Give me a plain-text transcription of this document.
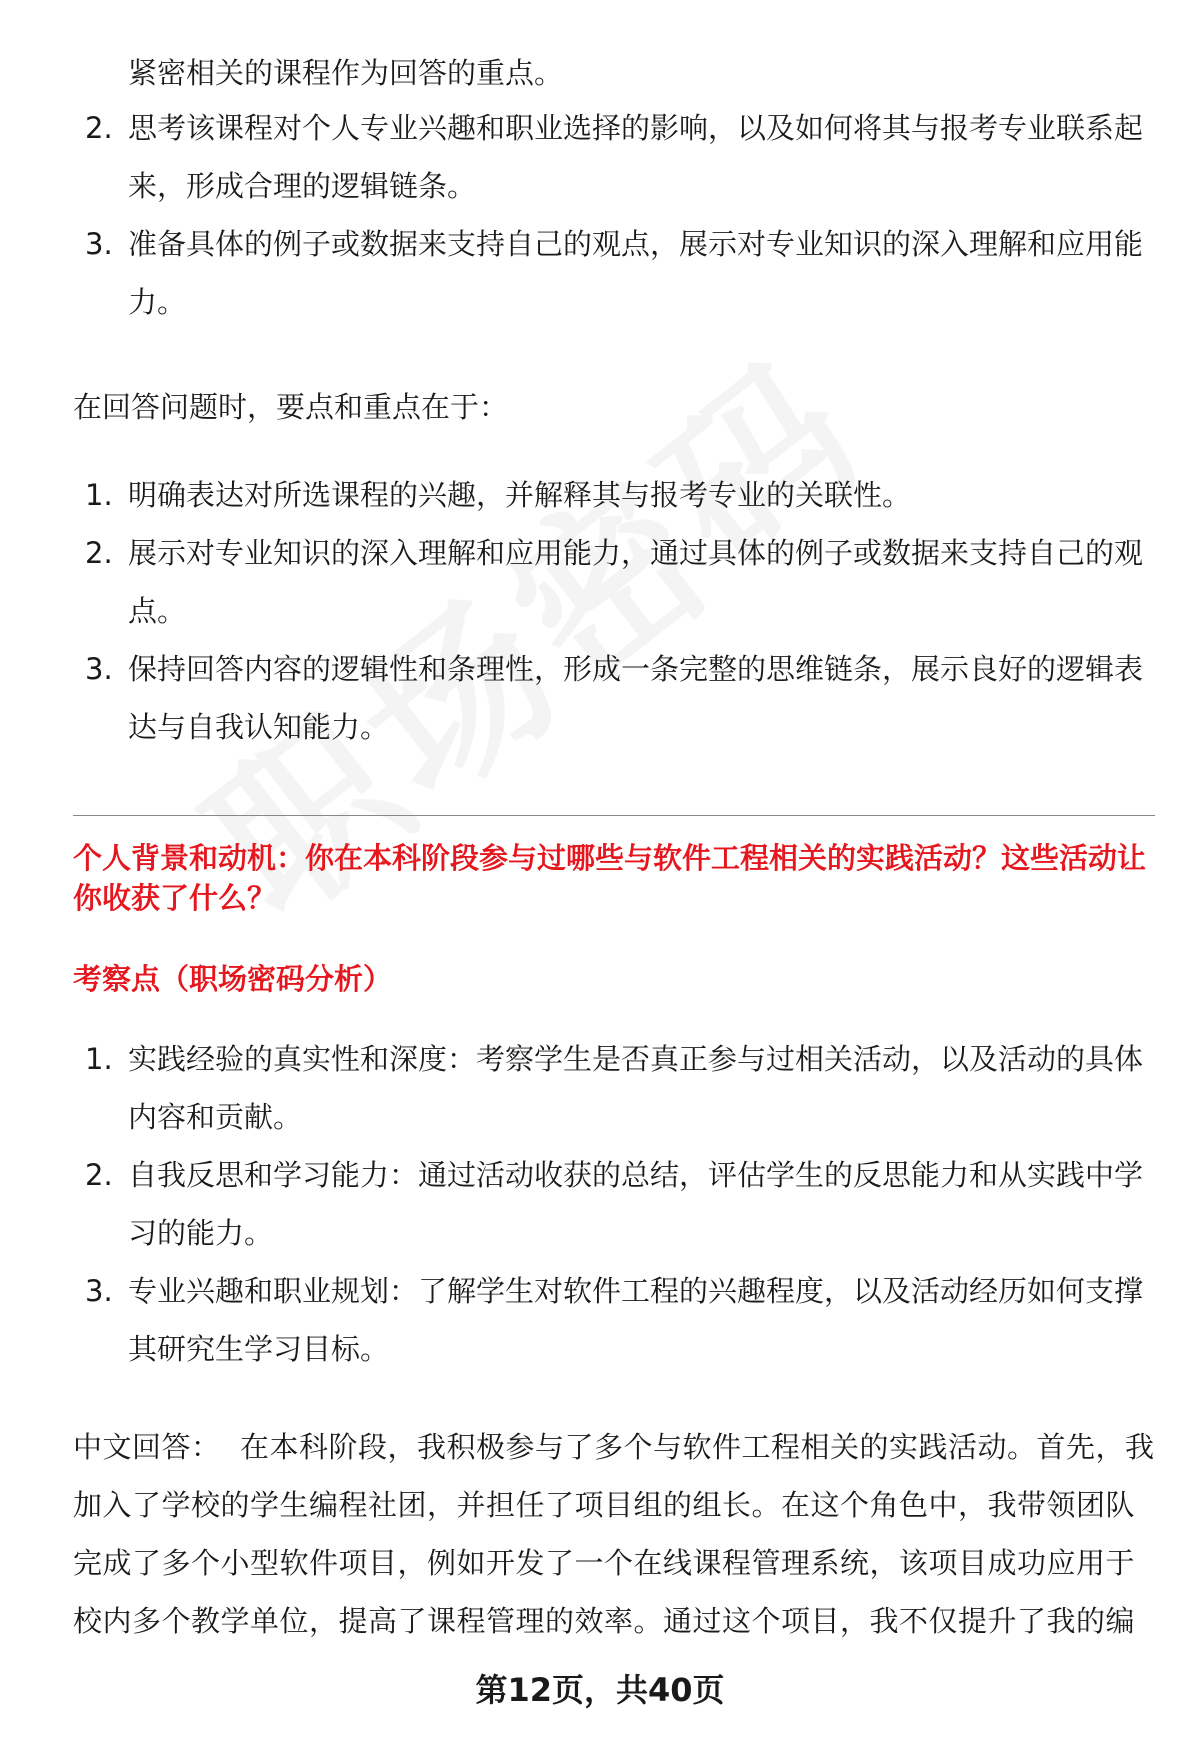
紧密相关的课程作为回答的重点。
2. 思考该课程对个人专业兴趣和职业选择的影响，以及如何将其与报考专业联系起来，形成合理的逻辑链条。
3. 准备具体的例子或数据来支持自己的观点，展示对专业知识的深入理解和应用能力。
在回答问题时，要点和重点在于：
1. 明确表达对所选课程的兴趣，并解释其与报考专业的关联性。
2. 展示对专业知识的深入理解和应用能力，通过具体的例子或数据来支持自己的观点。
3. 保持回答内容的逻辑性和条理性，形成一条完整的思维链条，展示良好的逻辑表达与自我认知能力。
个人背景和动机：你在本科阶段参与过哪些与软件工程相关的实践活动？这些活动让你收获了什么？
考察点（职场密码分析）
1. 实践经验的真实性和深度：考察学生是否真正参与过相关活动，以及活动的具体内容和贡献。
2. 自我反思和学习能力：通过活动收获的总结，评估学生的反思能力和从实践中学习的能力。
3. 专业兴趣和职业规划：了解学生对软件工程的兴趣程度，以及活动经历如何支撑其研究生学习目标。
中文回答： 在本科阶段，我积极参与了多个与软件工程相关的实践活动。首先，我加入了学校的学生编程社团，并担任了项目组的组长。在这个角色中，我带领团队完成了多个小型软件项目，例如开发了一个在线课程管理系统，该项目成功应用于校内多个教学单位，提高了课程管理的效率。通过这个项目，我不仅提升了我的编
第12页，共40页
